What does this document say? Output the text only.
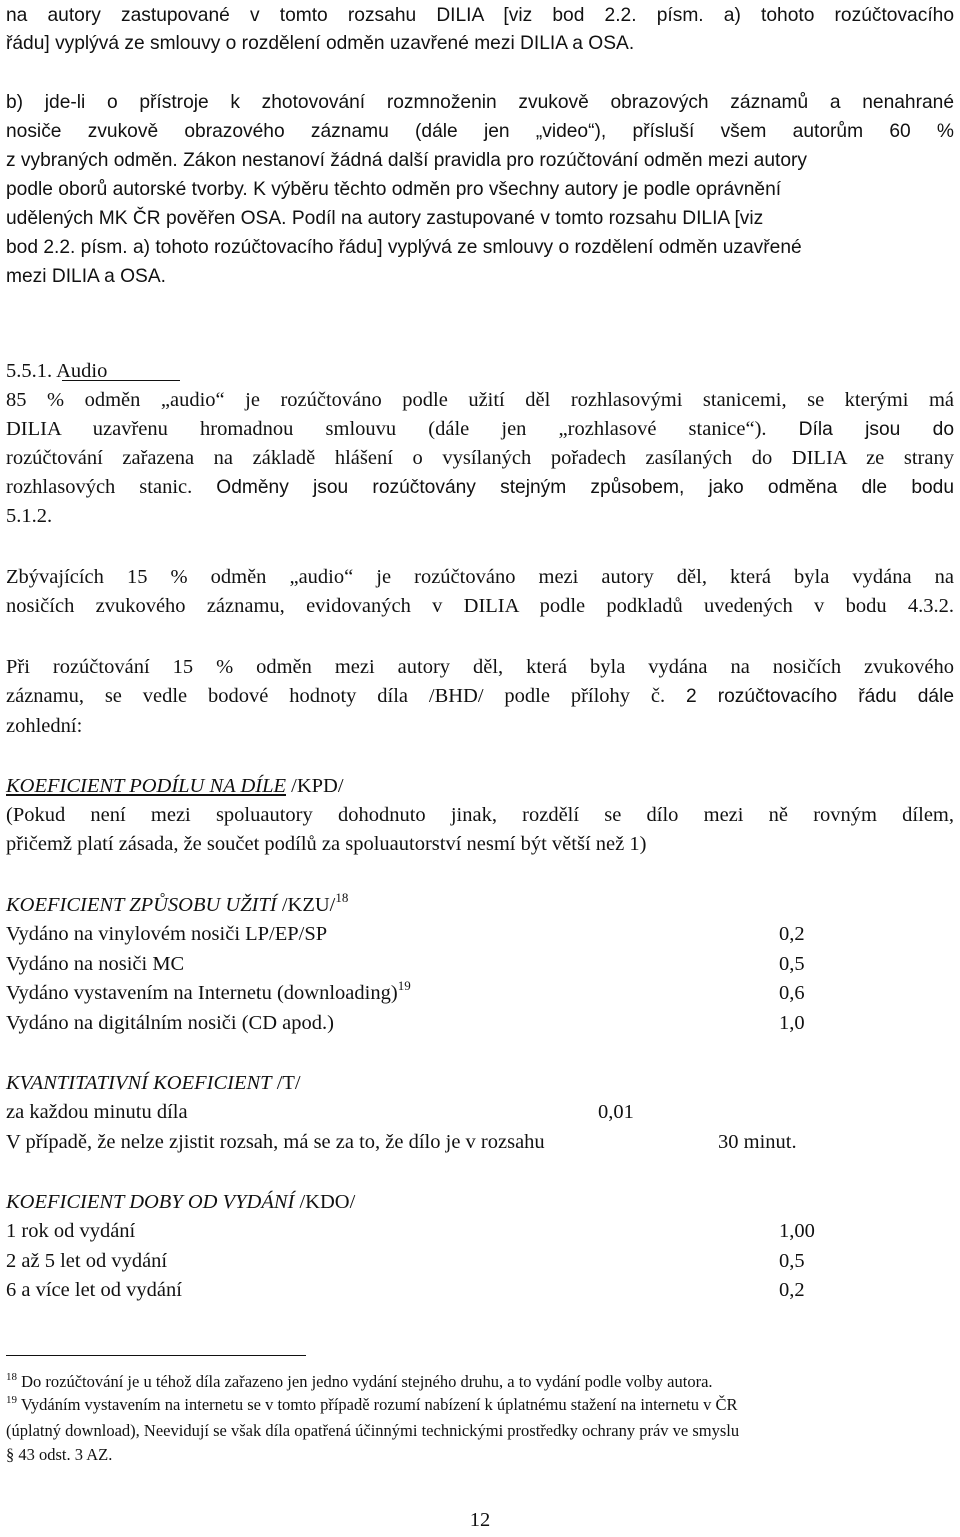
na autory zastupované v tomto rozsahu DILIA [viz bod 2.2. písm. a) tohoto rozúčtovacího
řádu] vyplývá ze smlouvy o rozdělení odměn uzavřené mezi DILIA a OSA.
b) jde-li o přístroje k zhotovování rozmnoženin zvukově obrazových záznamů a nenahrané
nosiče zvukově obrazového záznamu (dále jen „video“), přísluší všem autorům 60 %
z vybraných odměn. Zákon nestanoví žádná další pravidla pro rozúčtování odměn mezi autory
podle oborů autorské tvorby. K výběru těchto odměn pro všechny autory je podle oprávnění
udělených MK ČR pověřen OSA. Podíl na autory zastupované v tomto rozsahu DILIA [viz
bod 2.2. písm. a) tohoto rozúčtovacího řádu] vyplývá ze smlouvy o rozdělení odměn uzavřené
mezi DILIA a OSA.
5.5.1. Audio
85 % odměn „audio“ je rozúčtováno podle užití děl rozhlasovými stanicemi, se kterými má
DILIA uzavřenu hromadnou smlouvu (dále jen „rozhlasové stanice“). Díla jsou do
rozúčtování zařazena na základě hlášení o vysílaných pořadech zasílaných do DILIA ze strany
rozhlasových stanic. Odměny jsou rozúčtovány stejným způsobem, jako odměna dle bodu
5.1.2.
Zbývajících 15 % odměn „audio“ je rozúčtováno mezi autory děl, která byla vydána na
nosičích zvukového záznamu, evidovaných v DILIA podle podkladů uvedených v bodu 4.3.2.
Při rozúčtování 15 % odměn mezi autory děl, která byla vydána na nosičích zvukového
záznamu, se vedle bodové hodnoty díla /BHD/ podle přílohy č. 2 rozúčtovacího řádu dále
zohlední:
KOEFICIENT PODÍLU NA DÍLE /KPD/
(Pokud není mezi spoluautory dohodnuto jinak, rozdělí se dílo mezi ně rovným dílem,
přičemž platí zásada, že součet podílů za spoluautorství nesmí být větší než 1)
KOEFICIENT ZPŮSOBU UŽITÍ /KZU/$^{18}$
Vydáno na vinylovém nosiči LP/EP/SP	0,2
Vydáno na nosiči MC	0,5
Vydáno vystavením na Internetu (downloading)$^{19}$	0,6
Vydáno na digitálním nosiči (CD apod.)	1,0
KVANTITATIVNÍ KOEFICIENT /T/
za každou minutu díla	0,01
V případě, že nelze zjistit rozsah, má se za to, že dílo je v rozsahu	30 minut.
KOEFICIENT DOBY OD VYDÁNÍ /KDO/
1 rok od vydání	1,00
2 až 5 let od vydání	0,5
6 a více let od vydání	0,2
$^{18}$ Do rozúčtování je u téhož díla zařazeno jen jedno vydání stejného druhu, a to vydání podle volby autora.
$^{19}$ Vydáním vystavením na internetu se v tomto případě rozumí nabízení k úplatnému stažení na internetu v ČR
(úplatný download), Neevidují se však díla opatřená účinnými technickými prostředky ochrany práv ve smyslu
§ 43 odst. 3 AZ.
12
